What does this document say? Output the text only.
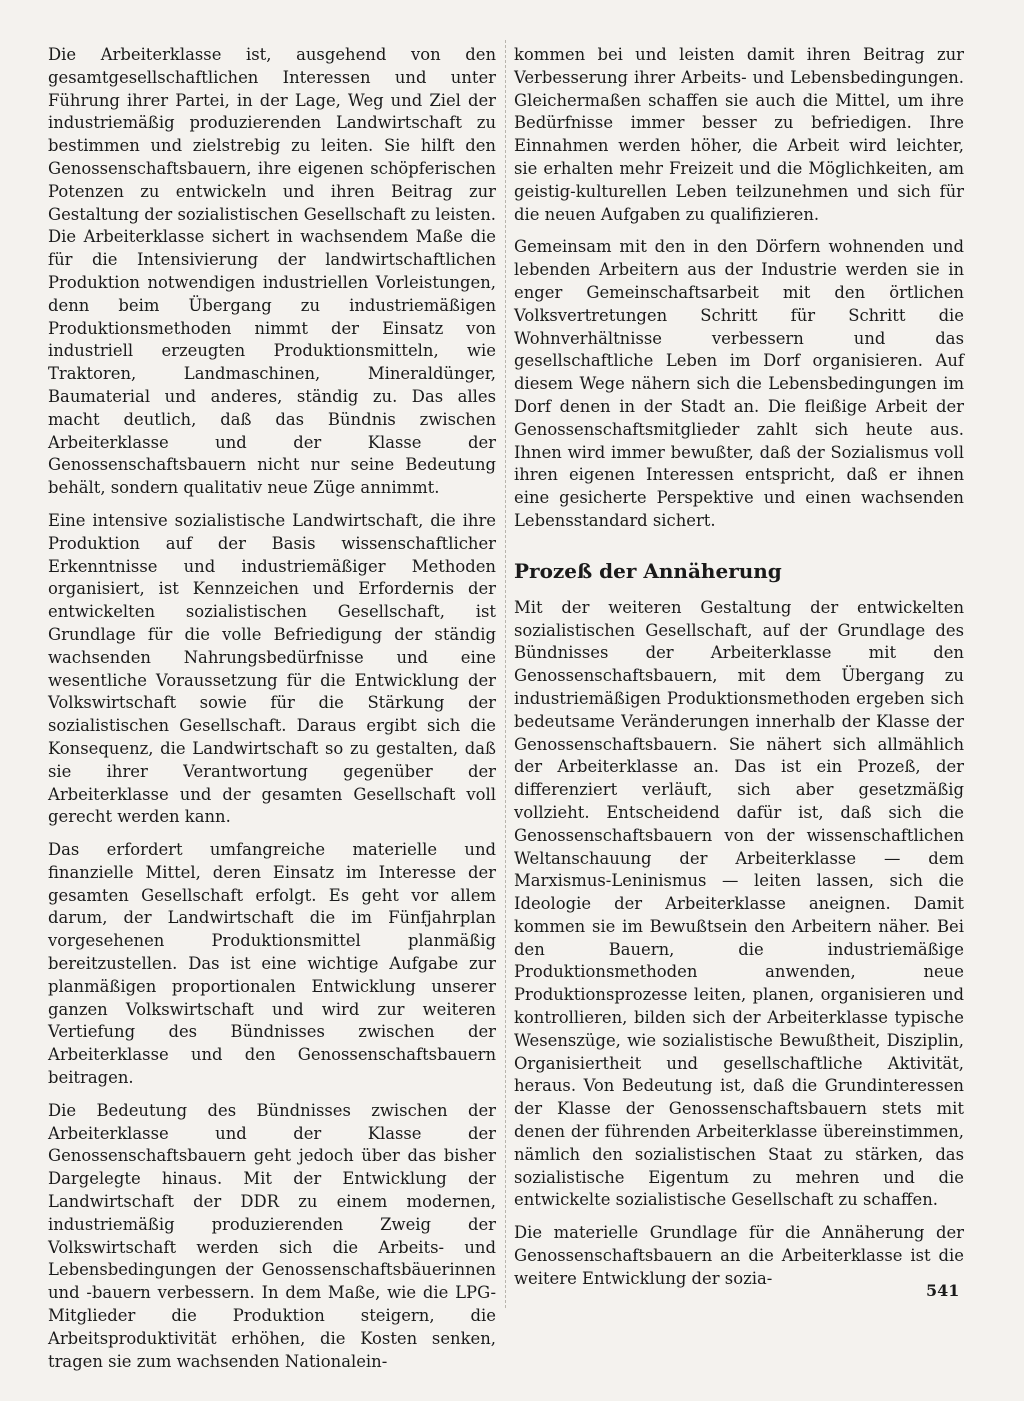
Die Arbeiterklasse ist, ausgehend von den gesamtgesellschaftlichen Interessen und unter Führung ihrer Partei, in der Lage, Weg und Ziel der industriemäßig produzierenden Landwirtschaft zu bestimmen und zielstrebig zu leiten. Sie hilft den Genossenschaftsbauern, ihre eigenen schöpferischen Potenzen zu entwickeln und ihren Beitrag zur Gestaltung der sozialistischen Gesellschaft zu leisten. Die Arbeiterklasse sichert in wachsendem Maße die für die Intensivierung der landwirtschaftlichen Produktion notwendigen industriellen Vorleistungen, denn beim Übergang zu industriemäßigen Produktionsmethoden nimmt der Einsatz von industriell erzeugten Produktionsmitteln, wie Traktoren, Landmaschinen, Mineraldünger, Baumaterial und anderes, ständig zu. Das alles macht deutlich, daß das Bündnis zwischen Arbeiterklasse und der Klasse der Genossenschaftsbauern nicht nur seine Bedeutung behält, sondern qualitativ neue Züge annimmt.

Eine intensive sozialistische Landwirtschaft, die ihre Produktion auf der Basis wissenschaftlicher Erkenntnisse und industriemäßiger Methoden organisiert, ist Kennzeichen und Erfordernis der entwickelten sozialistischen Gesellschaft, ist Grundlage für die volle Befriedigung der ständig wachsenden Nahrungsbedürfnisse und eine wesentliche Voraussetzung für die Entwicklung der Volkswirtschaft sowie für die Stärkung der sozialistischen Gesellschaft. Daraus ergibt sich die Konsequenz, die Landwirtschaft so zu gestalten, daß sie ihrer Verantwortung gegenüber der Arbeiterklasse und der gesamten Gesellschaft voll gerecht werden kann.

Das erfordert umfangreiche materielle und finanzielle Mittel, deren Einsatz im Interesse der gesamten Gesellschaft erfolgt. Es geht vor allem darum, der Landwirtschaft die im Fünfjahrplan vorgesehenen Produktionsmittel planmäßig bereitzustellen. Das ist eine wichtige Aufgabe zur planmäßigen proportionalen Entwicklung unserer ganzen Volkswirtschaft und wird zur weiteren Vertiefung des Bündnisses zwischen der Arbeiterklasse und den Genossenschaftsbauern beitragen.

Die Bedeutung des Bündnisses zwischen der Arbeiterklasse und der Klasse der Genossenschaftsbauern geht jedoch über das bisher Dargelegte hinaus. Mit der Entwicklung der Landwirtschaft der DDR zu einem modernen, industriemäßig produzierenden Zweig der Volkswirtschaft werden sich die Arbeits- und Lebensbedingungen der Genossenschaftsbäuerinnen und -bauern verbessern. In dem Maße, wie die LPG-Mitglieder die Produktion steigern, die Arbeitsproduktivität erhöhen, die Kosten senken, tragen sie zum wachsenden Nationalein-

kommen bei und leisten damit ihren Beitrag zur Verbesserung ihrer Arbeits- und Lebensbedingungen. Gleichermaßen schaffen sie auch die Mittel, um ihre Bedürfnisse immer besser zu befriedigen. Ihre Einnahmen werden höher, die Arbeit wird leichter, sie erhalten mehr Freizeit und die Möglichkeiten, am geistig-kulturellen Leben teilzunehmen und sich für die neuen Aufgaben zu qualifizieren.

Gemeinsam mit den in den Dörfern wohnenden und lebenden Arbeitern aus der Industrie werden sie in enger Gemeinschaftsarbeit mit den örtlichen Volksvertretungen Schritt für Schritt die Wohnverhältnisse verbessern und das gesellschaftliche Leben im Dorf organisieren. Auf diesem Wege nähern sich die Lebensbedingungen im Dorf denen in der Stadt an. Die fleißige Arbeit der Genossenschaftsmitglieder zahlt sich heute aus. Ihnen wird immer bewußter, daß der Sozialismus voll ihren eigenen Interessen entspricht, daß er ihnen eine gesicherte Perspektive und einen wachsenden Lebensstandard sichert.

Prozeß der Annäherung

Mit der weiteren Gestaltung der entwickelten sozialistischen Gesellschaft, auf der Grundlage des Bündnisses der Arbeiterklasse mit den Genossenschaftsbauern, mit dem Übergang zu industriemäßigen Produktionsmethoden ergeben sich bedeutsame Veränderungen innerhalb der Klasse der Genossenschaftsbauern. Sie nähert sich allmählich der Arbeiterklasse an. Das ist ein Prozeß, der differenziert verläuft, sich aber gesetzmäßig vollzieht. Entscheidend dafür ist, daß sich die Genossenschaftsbauern von der wissenschaftlichen Weltanschauung der Arbeiterklasse — dem Marxismus-Leninismus — leiten lassen, sich die Ideologie der Arbeiterklasse aneignen. Damit kommen sie im Bewußtsein den Arbeitern näher. Bei den Bauern, die industriemäßige Produktionsmethoden anwenden, neue Produktionsprozesse leiten, planen, organisieren und kontrollieren, bilden sich der Arbeiterklasse typische Wesenszüge, wie sozialistische Bewußtheit, Disziplin, Organisiertheit und gesellschaftliche Aktivität, heraus. Von Bedeutung ist, daß die Grundinteressen der Klasse der Genossenschaftsbauern stets mit denen der führenden Arbeiterklasse übereinstimmen, nämlich den sozialistischen Staat zu stärken, das sozialistische Eigentum zu mehren und die entwickelte sozialistische Gesellschaft zu schaffen.

Die materielle Grundlage für die Annäherung der Genossenschaftsbauern an die Arbeiterklasse ist die weitere Entwicklung der sozia-

541
